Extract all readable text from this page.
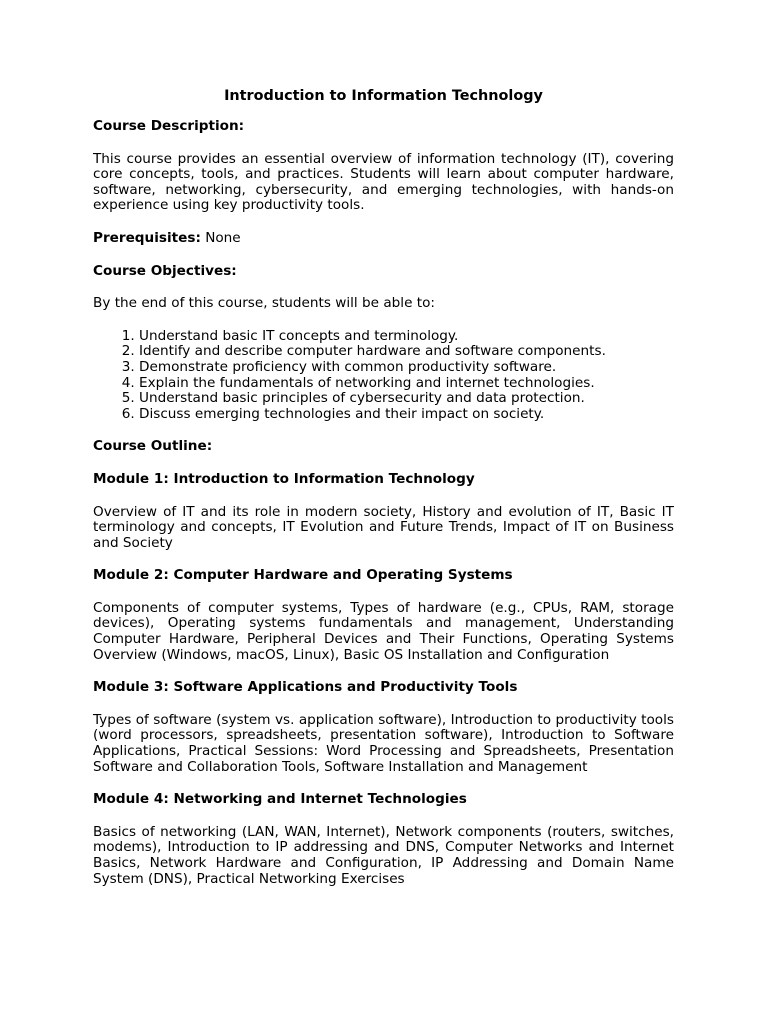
Introduction to Information Technology
Course Description:
This course provides an essential overview of information technology (IT), covering core concepts, tools, and practices. Students will learn about computer hardware, software, networking, cybersecurity, and emerging technologies, with hands-on experience using key productivity tools.
Prerequisites: None
Course Objectives:
By the end of this course, students will be able to:
1. Understand basic IT concepts and terminology.
2. Identify and describe computer hardware and software components.
3. Demonstrate proficiency with common productivity software.
4. Explain the fundamentals of networking and internet technologies.
5. Understand basic principles of cybersecurity and data protection.
6. Discuss emerging technologies and their impact on society.
Course Outline:
Module 1: Introduction to Information Technology
Overview of IT and its role in modern society, History and evolution of IT, Basic IT terminology and concepts, IT Evolution and Future Trends, Impact of IT on Business and Society
Module 2: Computer Hardware and Operating Systems
Components of computer systems, Types of hardware (e.g., CPUs, RAM, storage devices), Operating systems fundamentals and management, Understanding Computer Hardware, Peripheral Devices and Their Functions, Operating Systems Overview (Windows, macOS, Linux), Basic OS Installation and Configuration
Module 3: Software Applications and Productivity Tools
Types of software (system vs. application software), Introduction to productivity tools (word processors, spreadsheets, presentation software), Introduction to Software Applications, Practical Sessions: Word Processing and Spreadsheets, Presentation Software and Collaboration Tools, Software Installation and Management
Module 4: Networking and Internet Technologies
Basics of networking (LAN, WAN, Internet), Network components (routers, switches, modems), Introduction to IP addressing and DNS, Computer Networks and Internet Basics, Network Hardware and Configuration, IP Addressing and Domain Name System (DNS), Practical Networking Exercises
